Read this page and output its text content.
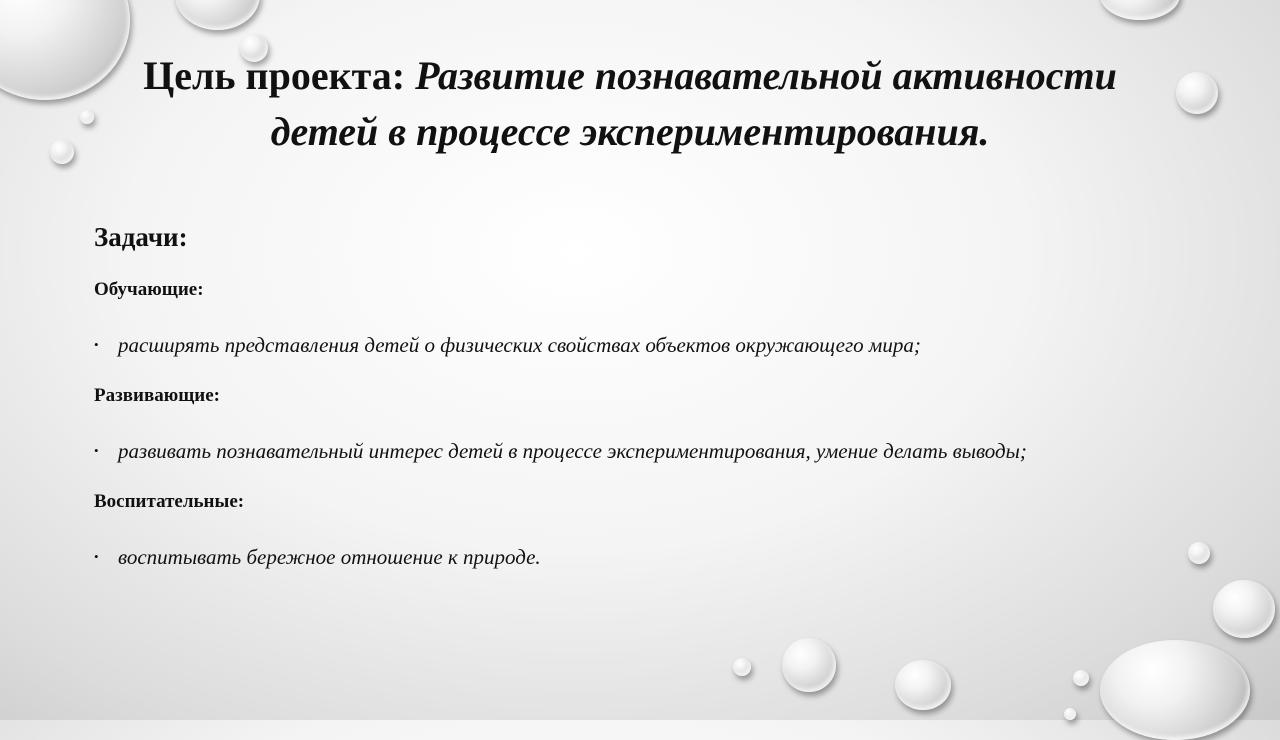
Цель проекта: Развитие познавательной активности детей в процессе экспериментирования.
Задачи:
Обучающие:
• расширять представления детей о физических свойствах объектов окружающего мира;
Развивающие:
• развивать познавательный интерес детей в процессе экспериментирования, умение делать выводы;
Воспитательные:
• воспитывать бережное отношение к природе.
